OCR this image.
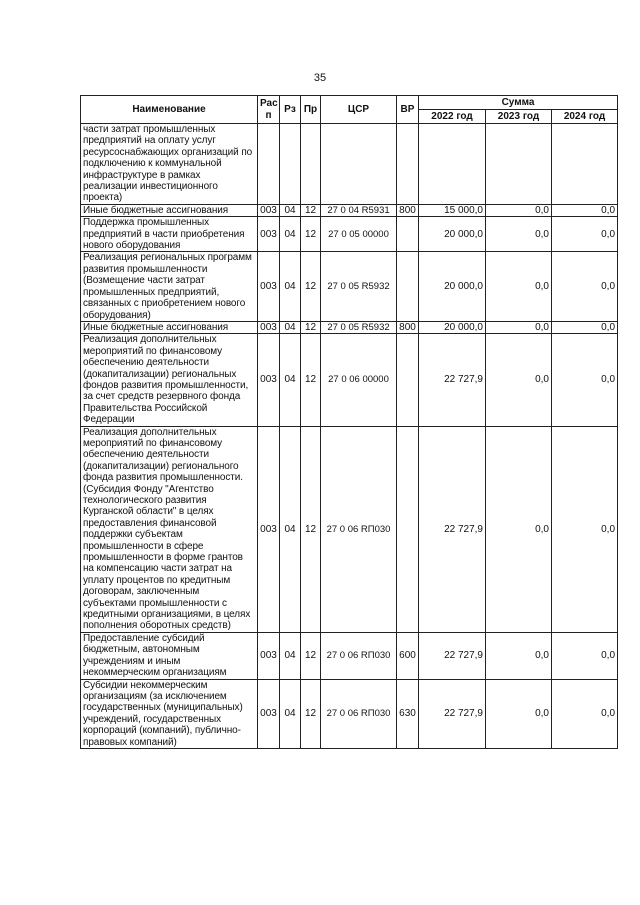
35
Наименование	Рас п	Рз	Пр	ЦСР	ВР	Сумма		
						2022 год	2023 год	2024 год
части затрат промышленных предприятий на оплату услуг ресурсоснабжающих организаций по подключению к коммунальной инфраструктуре в рамках реализации инвестиционного проекта)								
Иные бюджетные ассигнования	003	04	12	27 0 04 R5931	800	15 000,0	0,0	0,0
Поддержка промышленных предприятий в части приобретения нового оборудования	003	04	12	27 0 05 00000		20 000,0	0,0	0,0
Реализация региональных программ развития промышленности (Возмещение части затрат промышленных предприятий, связанных с приобретением нового оборудования)	003	04	12	27 0 05 R5932		20 000,0	0,0	0,0
Иные бюджетные ассигнования	003	04	12	27 0 05 R5932	800	20 000,0	0,0	0,0
Реализация дополнительных мероприятий по финансовому обеспечению деятельности (докапитализации) региональных фондов развития промышленности, за счет средств резервного фонда Правительства Российской Федерации	003	04	12	27 0 06 00000		22 727,9	0,0	0,0
Реализация дополнительных мероприятий по финансовому обеспечению деятельности (докапитализации) регионального фонда развития промышленности. (Субсидия Фонду "Агентство технологического развития Курганской области" в целях предоставления финансовой поддержки субъектам промышленности в сфере промышленности в форме грантов на компенсацию части затрат на уплату процентов по кредитным договорам, заключенным субъектами промышленности с кредитными организациями, в целях пополнения оборотных средств)	003	04	12	27 0 06 RП030		22 727,9	0,0	0,0
Предоставление субсидий бюджетным, автономным учреждениям и иным некоммерческим организациям	003	04	12	27 0 06 RП030	600	22 727,9	0,0	0,0
Субсидии некоммерческим организациям (за исключением государственных (муниципальных) учреждений, государственных корпораций (компаний), публично-правовых компаний)	003	04	12	27 0 06 RП030	630	22 727,9	0,0	0,0
